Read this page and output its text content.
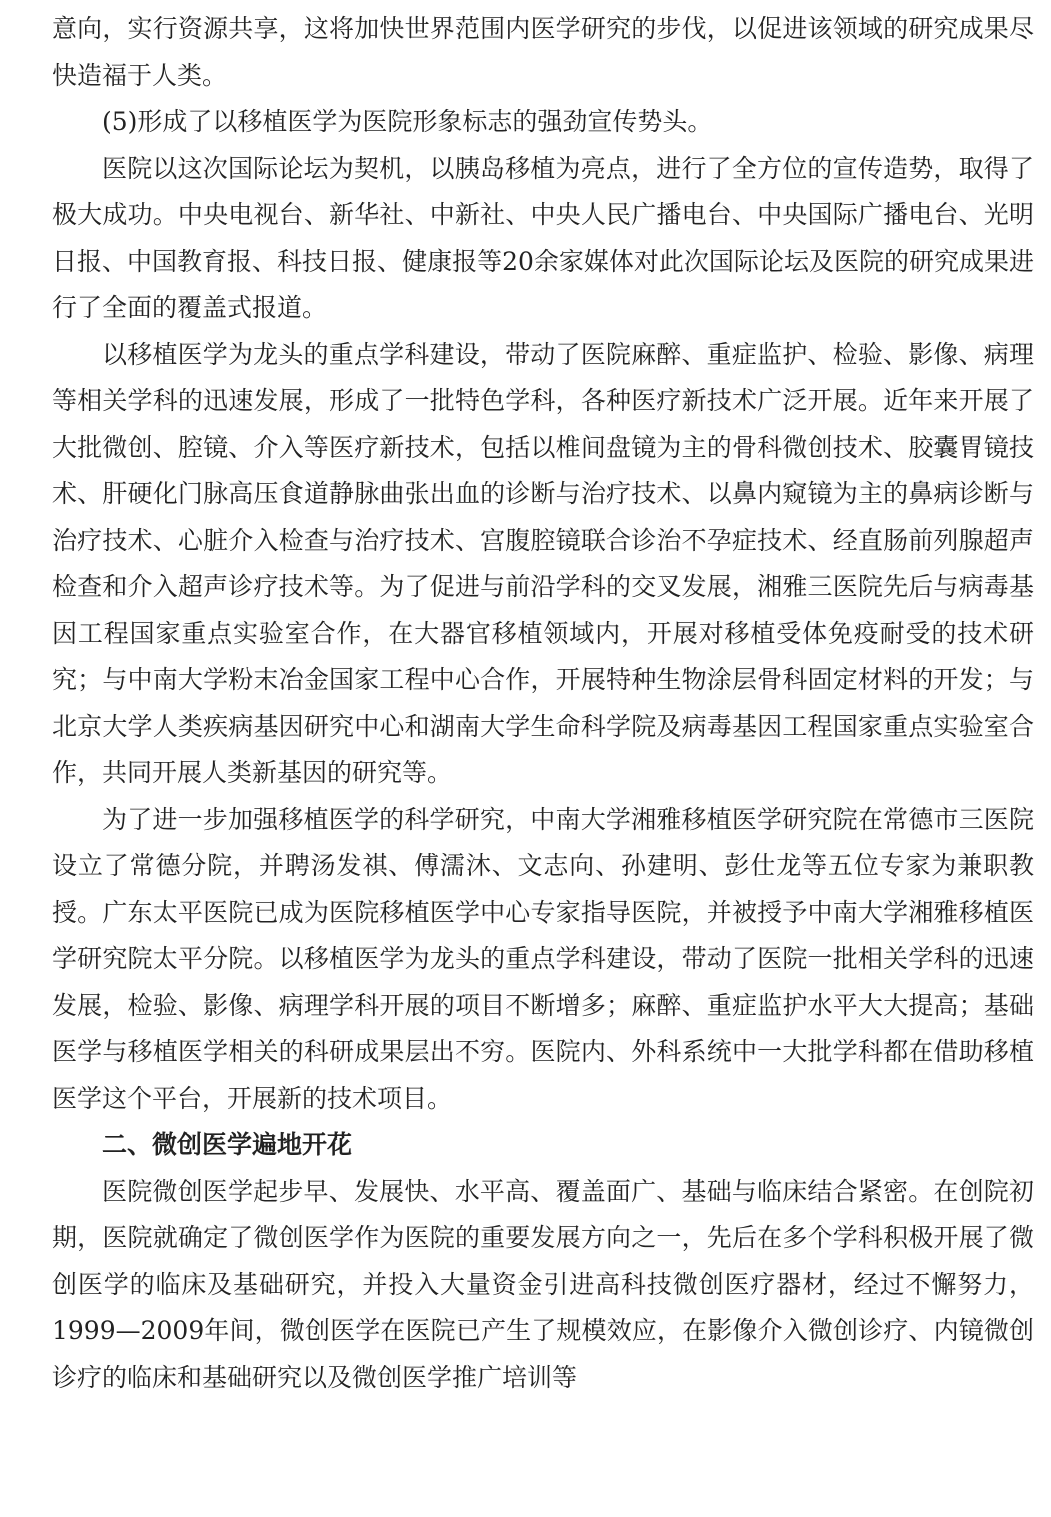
意向，实行资源共享，这将加快世界范围内医学研究的步伐，以促进该领域的研究成果尽快造福于人类。

(5)形成了以移植医学为医院形象标志的强劲宣传势头。

医院以这次国际论坛为契机，以胰岛移植为亮点，进行了全方位的宣传造势，取得了极大成功。中央电视台、新华社、中新社、中央人民广播电台、中央国际广播电台、光明日报、中国教育报、科技日报、健康报等20余家媒体对此次国际论坛及医院的研究成果进行了全面的覆盖式报道。

以移植医学为龙头的重点学科建设，带动了医院麻醉、重症监护、检验、影像、病理等相关学科的迅速发展，形成了一批特色学科，各种医疗新技术广泛开展。近年来开展了大批微创、腔镜、介入等医疗新技术，包括以椎间盘镜为主的骨科微创技术、胶囊胃镜技术、肝硬化门脉高压食道静脉曲张出血的诊断与治疗技术、以鼻内窥镜为主的鼻病诊断与治疗技术、心脏介入检查与治疗技术、宫腹腔镜联合诊治不孕症技术、经直肠前列腺超声检查和介入超声诊疗技术等。为了促进与前沿学科的交叉发展，湘雅三医院先后与病毒基因工程国家重点实验室合作，在大器官移植领域内，开展对移植受体免疫耐受的技术研究；与中南大学粉末冶金国家工程中心合作，开展特种生物涂层骨科固定材料的开发；与北京大学人类疾病基因研究中心和湖南大学生命科学院及病毒基因工程国家重点实验室合作，共同开展人类新基因的研究等。

为了进一步加强移植医学的科学研究，中南大学湘雅移植医学研究院在常德市三医院设立了常德分院，并聘汤发祺、傅濡沐、文志向、孙建明、彭仕龙等五位专家为兼职教授。广东太平医院已成为医院移植医学中心专家指导医院，并被授予中南大学湘雅移植医学研究院太平分院。以移植医学为龙头的重点学科建设，带动了医院一批相关学科的迅速发展，检验、影像、病理学科开展的项目不断增多；麻醉、重症监护水平大大提高；基础医学与移植医学相关的科研成果层出不穷。医院内、外科系统中一大批学科都在借助移植医学这个平台，开展新的技术项目。

二、微创医学遍地开花

医院微创医学起步早、发展快、水平高、覆盖面广、基础与临床结合紧密。在创院初期，医院就确定了微创医学作为医院的重要发展方向之一，先后在多个学科积极开展了微创医学的临床及基础研究，并投入大量资金引进高科技微创医疗器材，经过不懈努力，1999—2009年间，微创医学在医院已产生了规模效应，在影像介入微创诊疗、内镜微创诊疗的临床和基础研究以及微创医学推广培训等
